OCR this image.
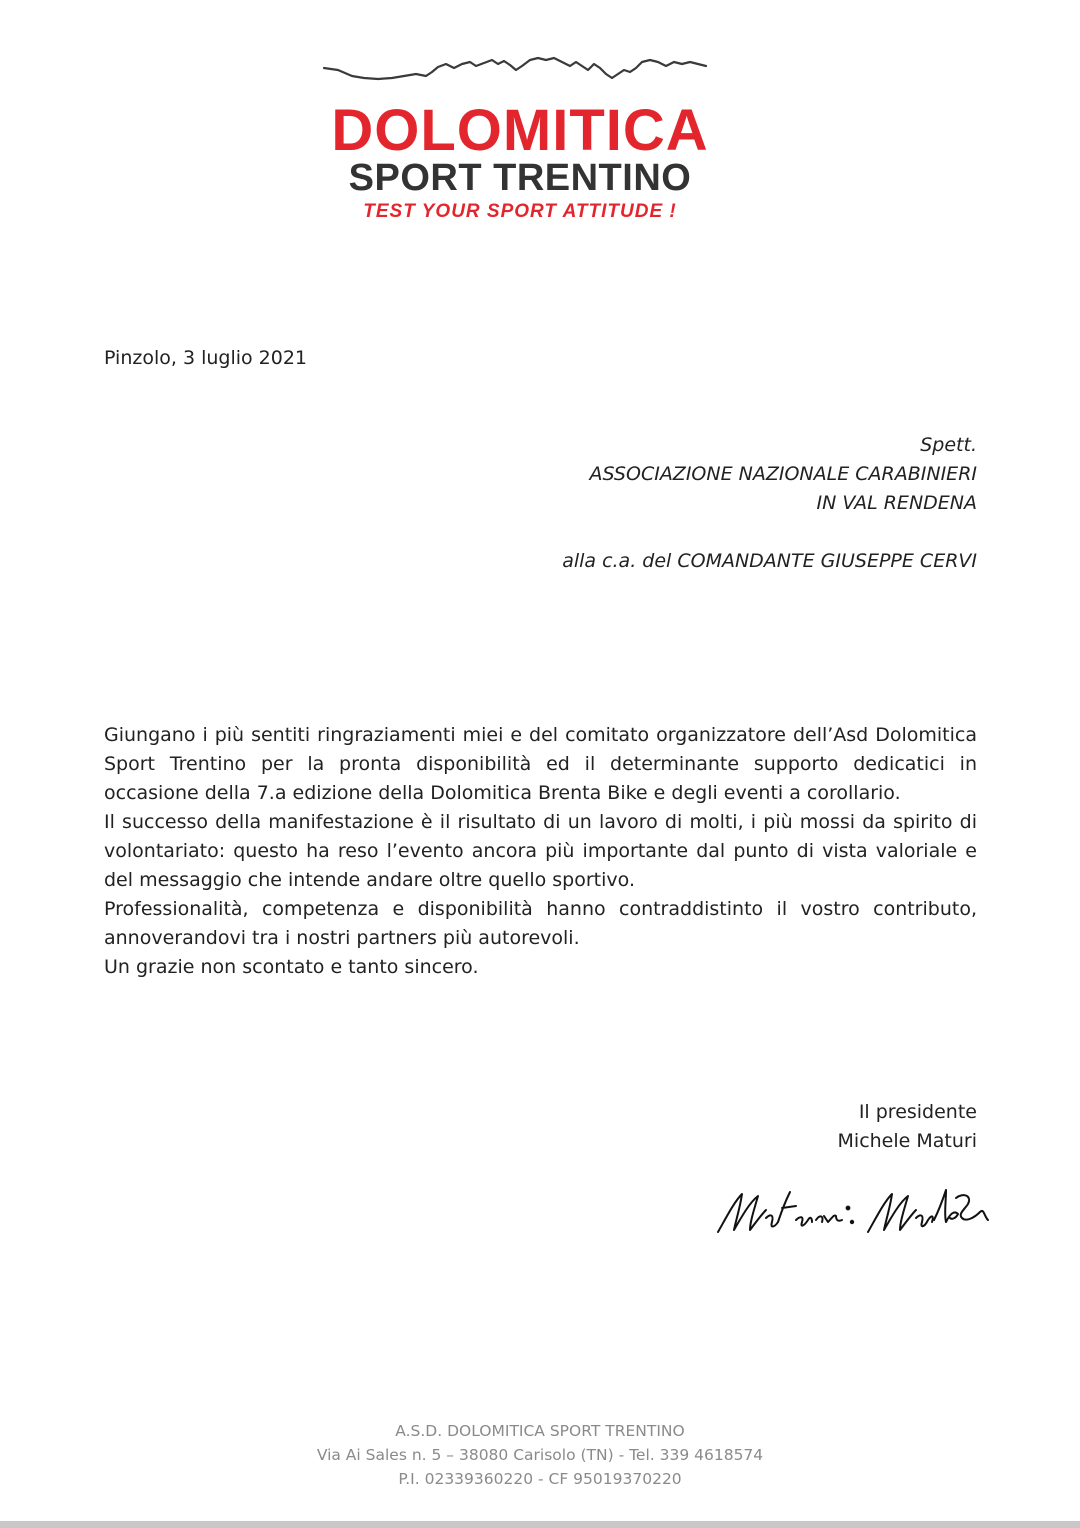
DOLOMITICA
SPORT TRENTINO
TEST YOUR SPORT ATTITUDE !
Pinzolo, 3 luglio 2021
Spett.
ASSOCIAZIONE NAZIONALE CARABINIERI
IN VAL RENDENA
alla c.a. del COMANDANTE GIUSEPPE CERVI

Giungano i più sentiti ringraziamenti miei e del comitato organizzatore dell’Asd Dolomitica Sport Trentino per la pronta disponibilità ed il determinante supporto dedicatici in occasione della 7.a edizione della Dolomitica Brenta Bike e degli eventi a corollario.

Il successo della manifestazione è il risultato di un lavoro di molti, i più mossi da spirito di volontariato: questo ha reso l’evento ancora più importante dal punto di vista valoriale e del messaggio che intende andare oltre quello sportivo.

Professionalità, competenza e disponibilità hanno contraddistinto il vostro contributo, annoverandovi tra i nostri partners più autorevoli.

Un grazie non scontato e tanto sincero.

Il presidente
Michele Maturi
A.S.D. DOLOMITICA SPORT TRENTINO
Via Ai Sales n. 5 – 38080 Carisolo (TN) - Tel. 339 4618574
P.I. 02339360220 - CF 95019370220
